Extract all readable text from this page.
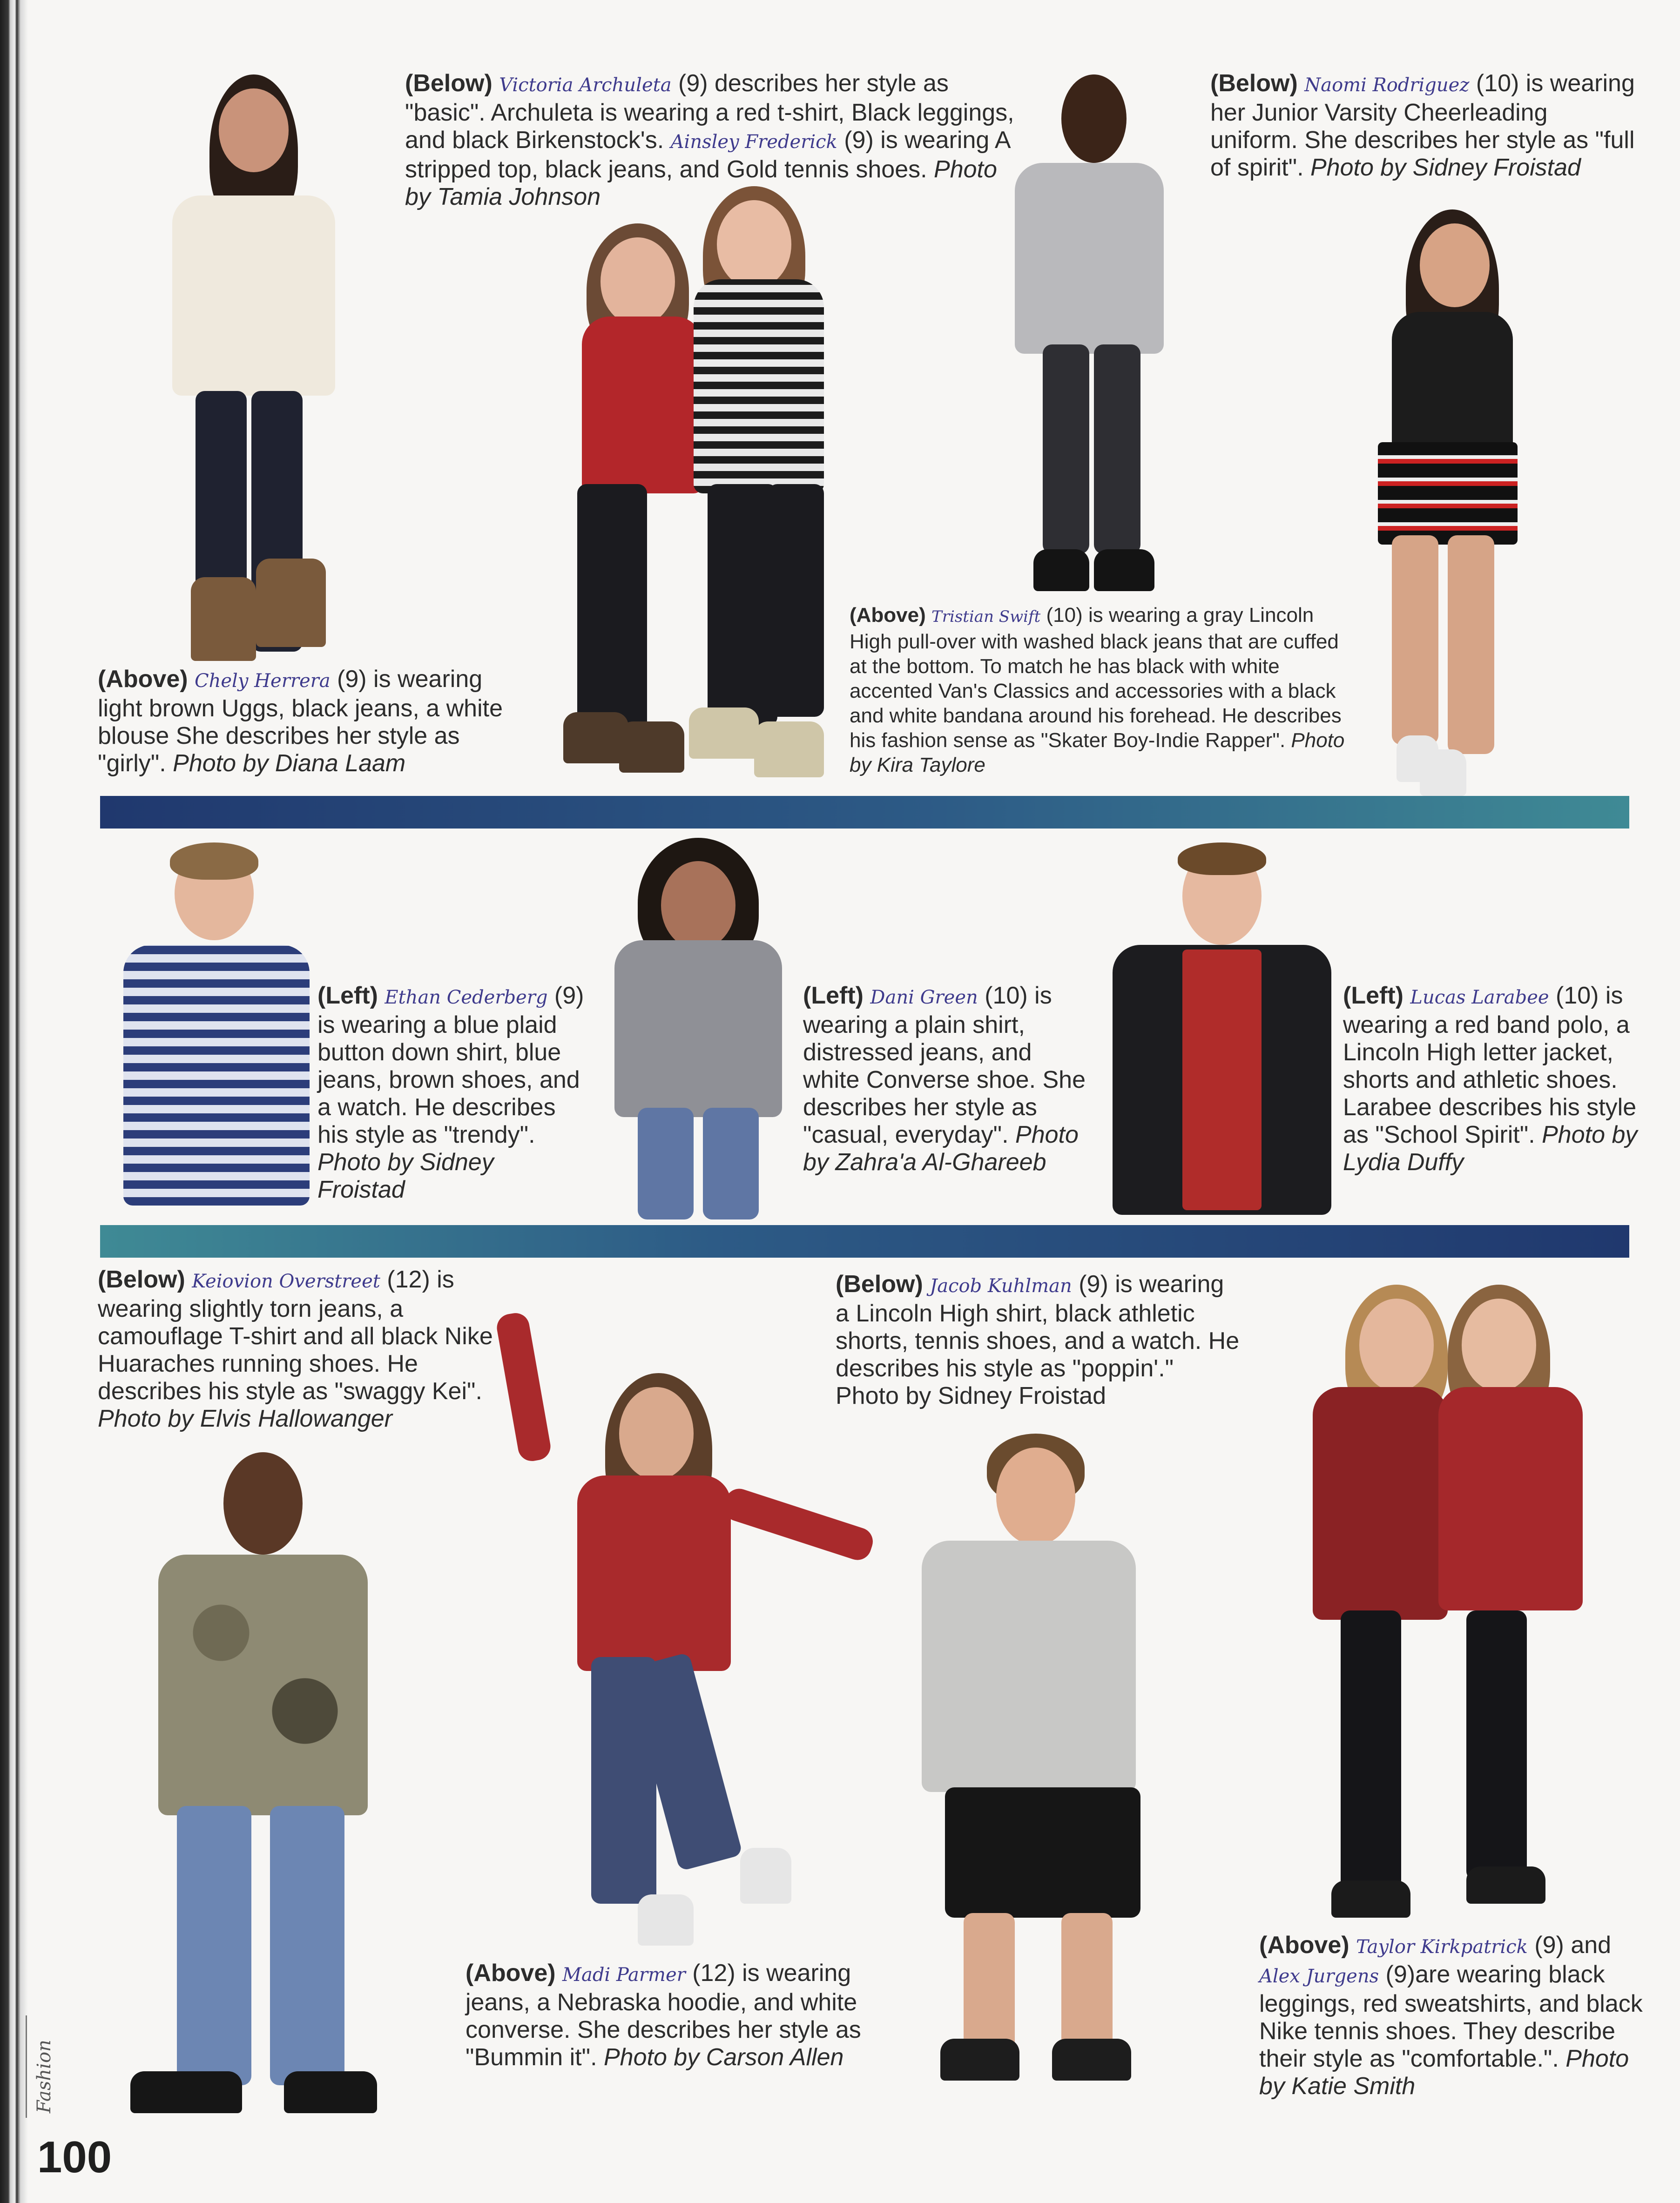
(Below) Victoria Archuleta (9) describes her style as "basic". Archuleta is wearing a red t-shirt, Black leggings, and black Birkenstock's. Ainsley Frederick (9) is wearing A stripped top, black jeans, and Gold tennis shoes. Photo by Tamia Johnson
(Below) Naomi Rodriguez (10) is wearing her Junior Varsity Cheerleading uniform. She describes her style as "full of spirit". Photo by Sidney Froistad
(Above) Chely Herrera (9) is wearing light brown Uggs, black jeans, a white blouse She describes her style as "girly". Photo by Diana Laam
(Above) Tristian Swift (10) is wearing a gray Lincoln High pull-over with washed black jeans that are cuffed at the bottom. To match he has black with white accented Van's Classics and accessories with a black and white bandana around his forehead. He describes his fashion sense as "Skater Boy-Indie Rapper". Photo by Kira Taylore
(Left) Ethan Cederberg (9) is wearing a blue plaid button down shirt, blue jeans, brown shoes, and a watch. He describes his style as "trendy". Photo by Sidney Froistad
(Left) Dani Green (10) is wearing a plain shirt, distressed jeans, and white Converse shoe. She describes her style as "casual, everyday". Photo by Zahra'a Al-Ghareeb
(Left) Lucas Larabee (10) is wearing a red band polo, a Lincoln High letter jacket, shorts and athletic shoes. Larabee describes his style as "School Spirit". Photo by Lydia Duffy
(Below) Keiovion Overstreet (12) is wearing slightly torn jeans, a camouflage T-shirt and all black Nike Huaraches running shoes. He describes his style as "swaggy Kei". Photo by Elvis Hallowanger
(Below) Jacob Kuhlman (9) is wearing a Lincoln High shirt, black athletic shorts, tennis shoes, and a watch. He describes his style as "poppin'." Photo by Sidney Froistad
(Above) Madi Parmer (12) is wearing jeans, a Nebraska hoodie, and white converse. She describes her style as "Bummin it". Photo by Carson Allen
(Above) Taylor Kirkpatrick (9) and Alex Jurgens (9)are wearing black leggings, red sweatshirts, and black Nike tennis shoes. They describe their style as "comfortable.". Photo by Katie Smith
Fashion
100
